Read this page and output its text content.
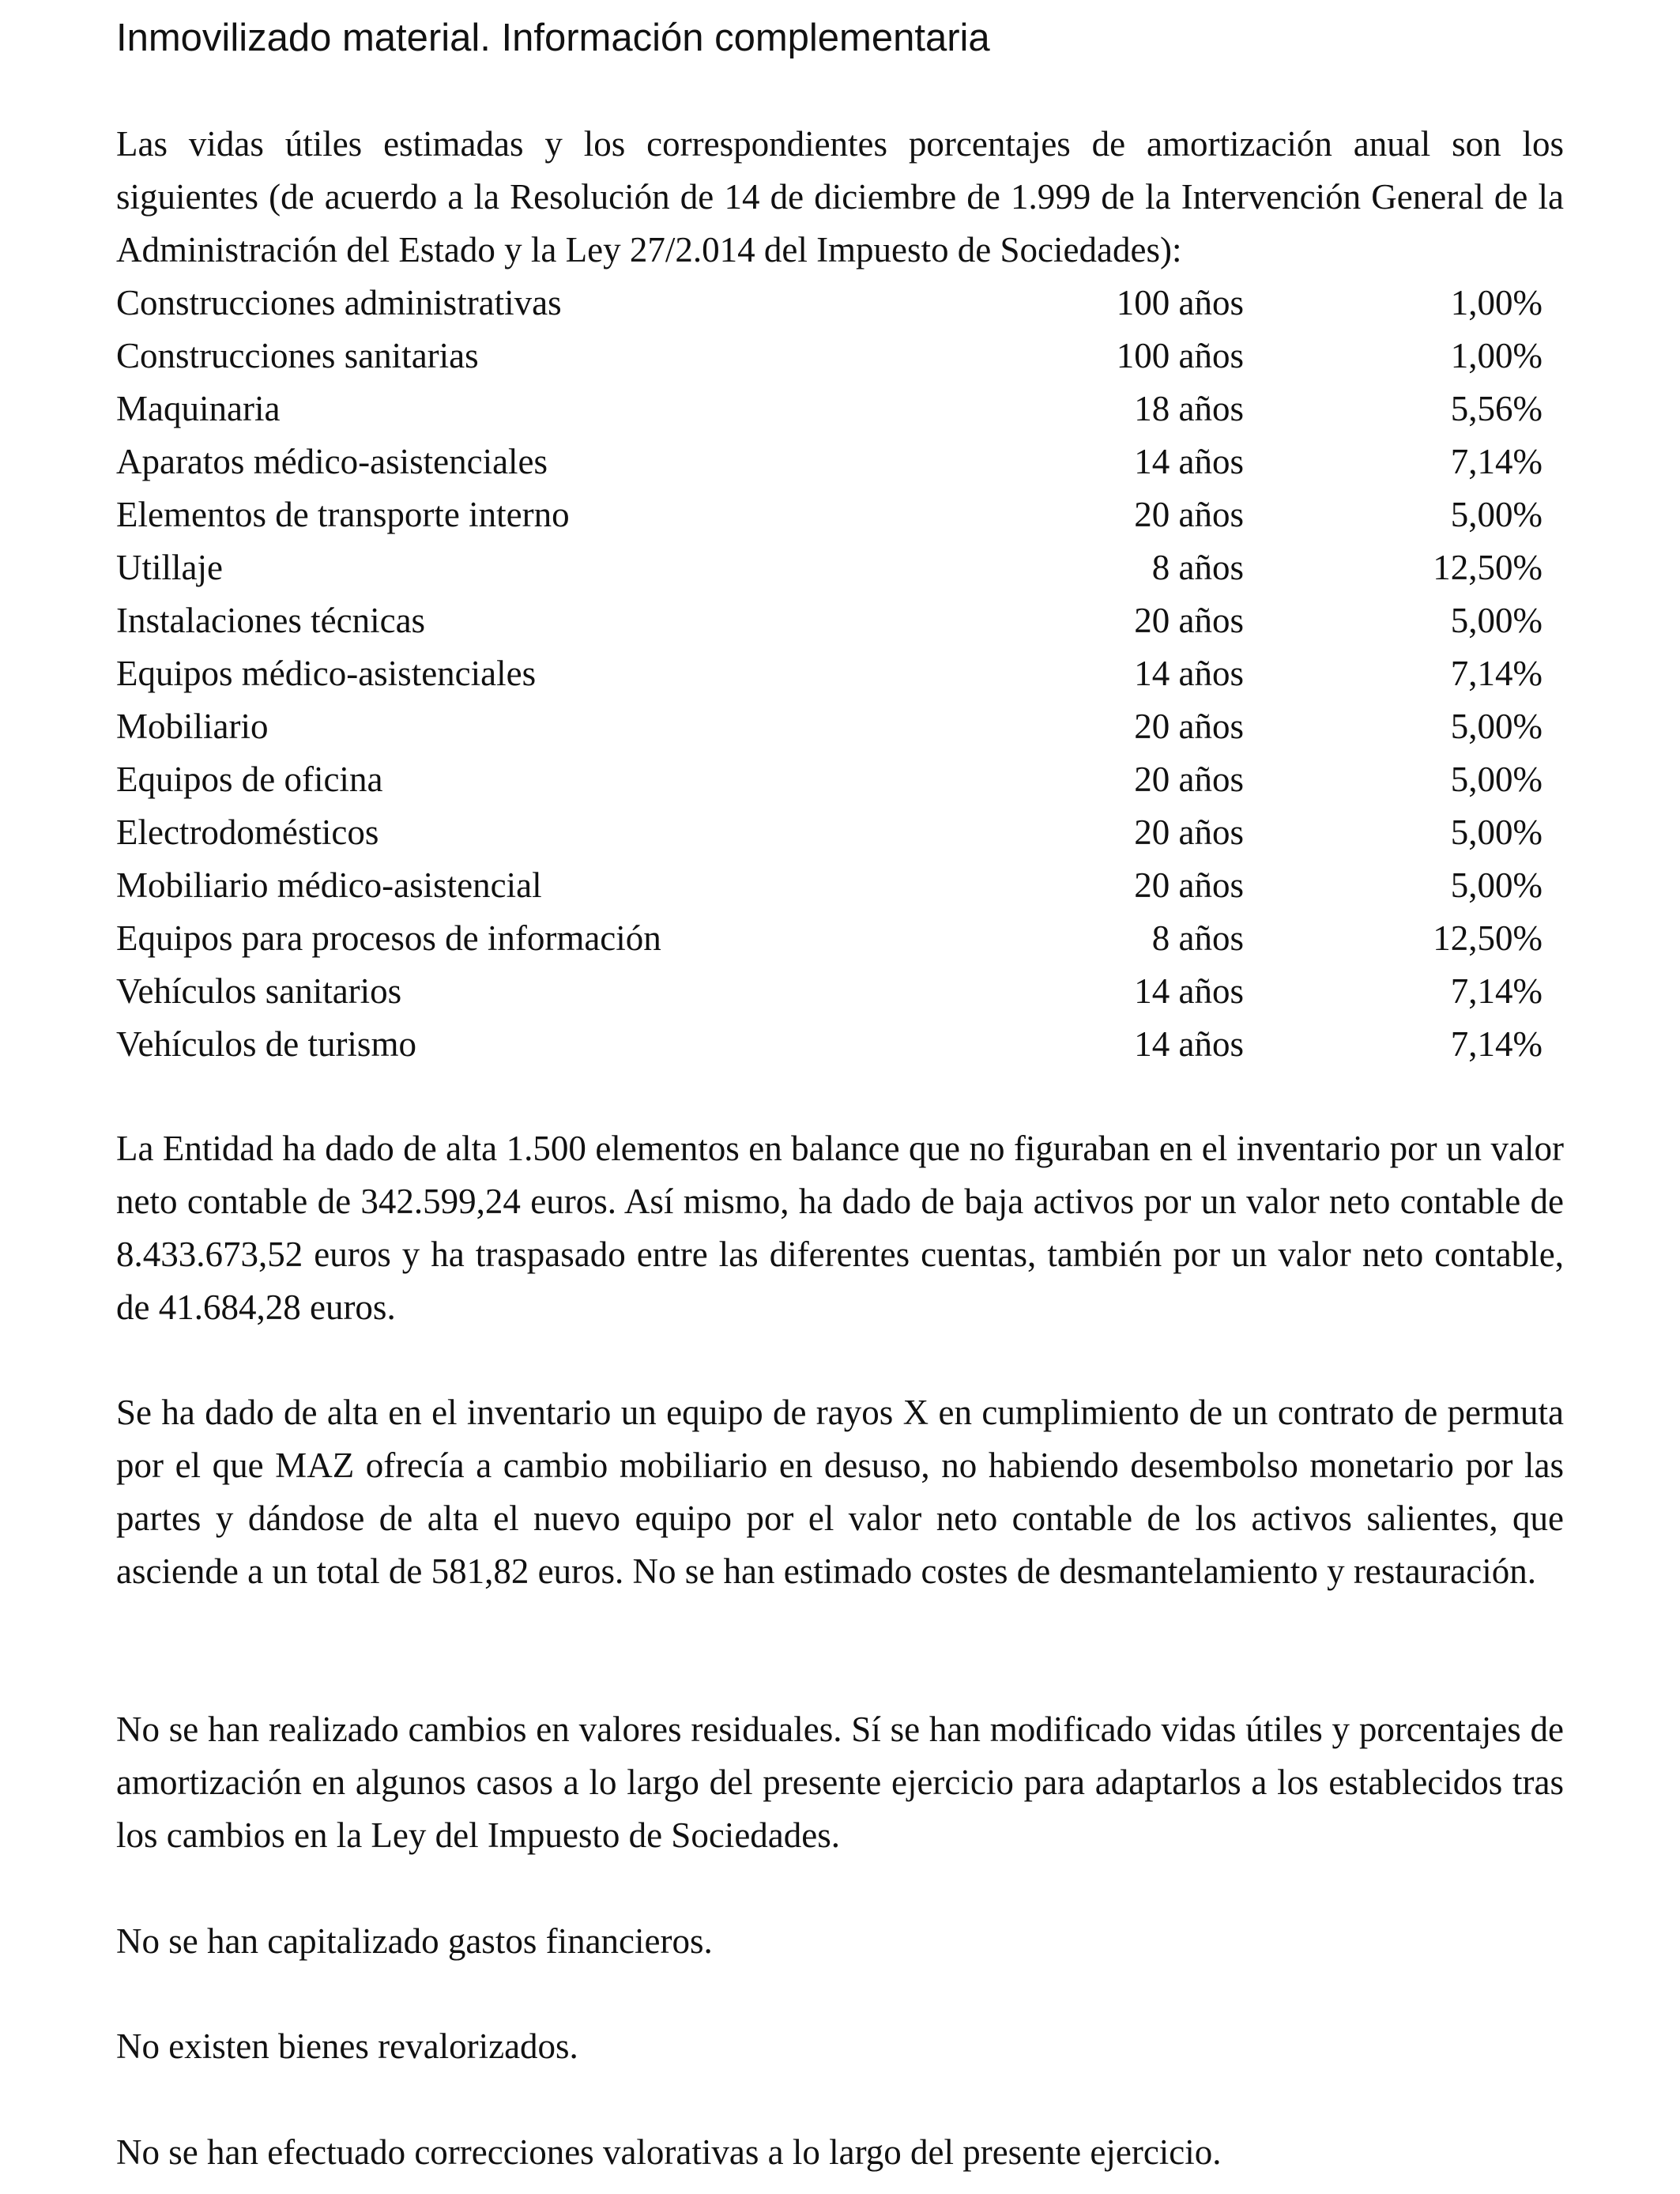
Inmovilizado material. Información complementaria

Las vidas útiles estimadas y los correspondientes porcentajes de amortización anual son los siguientes (de acuerdo a la Resolución de 14 de diciembre de 1.999 de la Intervención General de la Administración del Estado y la Ley 27/2.014 del Impuesto de Sociedades):

Construcciones administrativas	100 años	1,00%
Construcciones sanitarias	100 años	1,00%
Maquinaria	18 años	5,56%
Aparatos médico-asistenciales	14 años	7,14%
Elementos de transporte interno	20 años	5,00%
Utillaje	8 años	12,50%
Instalaciones técnicas	20 años	5,00%
Equipos médico-asistenciales	14 años	7,14%
Mobiliario	20 años	5,00%
Equipos de oficina	20 años	5,00%
Electrodomésticos	20 años	5,00%
Mobiliario médico-asistencial	20 años	5,00%
Equipos para procesos de información	8 años	12,50%
Vehículos sanitarios	14 años	7,14%
Vehículos de turismo	14 años	7,14%

La Entidad ha dado de alta 1.500 elementos en balance que no figuraban en el inventario por un valor neto contable de 342.599,24 euros. Así mismo, ha dado de baja activos por un valor neto contable de 8.433.673,52 euros y ha traspasado entre las diferentes cuentas, también por un valor neto contable, de 41.684,28 euros.

Se ha dado de alta en el inventario un equipo de rayos X en cumplimiento de un contrato de permuta por el que MAZ ofrecía a cambio mobiliario en desuso, no habiendo desembolso monetario por las partes y dándose de alta el nuevo equipo por el valor neto contable de los activos salientes, que asciende a un total de 581,82 euros. No se han estimado costes de desmantelamiento y restauración.

No se han realizado cambios en valores residuales. Sí se han modificado vidas útiles y porcentajes de amortización en algunos casos a lo largo del presente ejercicio para adaptarlos a los establecidos tras los cambios en la Ley del Impuesto de Sociedades.

No se han capitalizado gastos financieros.

No existen bienes revalorizados.

No se han efectuado correcciones valorativas a lo largo del presente ejercicio.
